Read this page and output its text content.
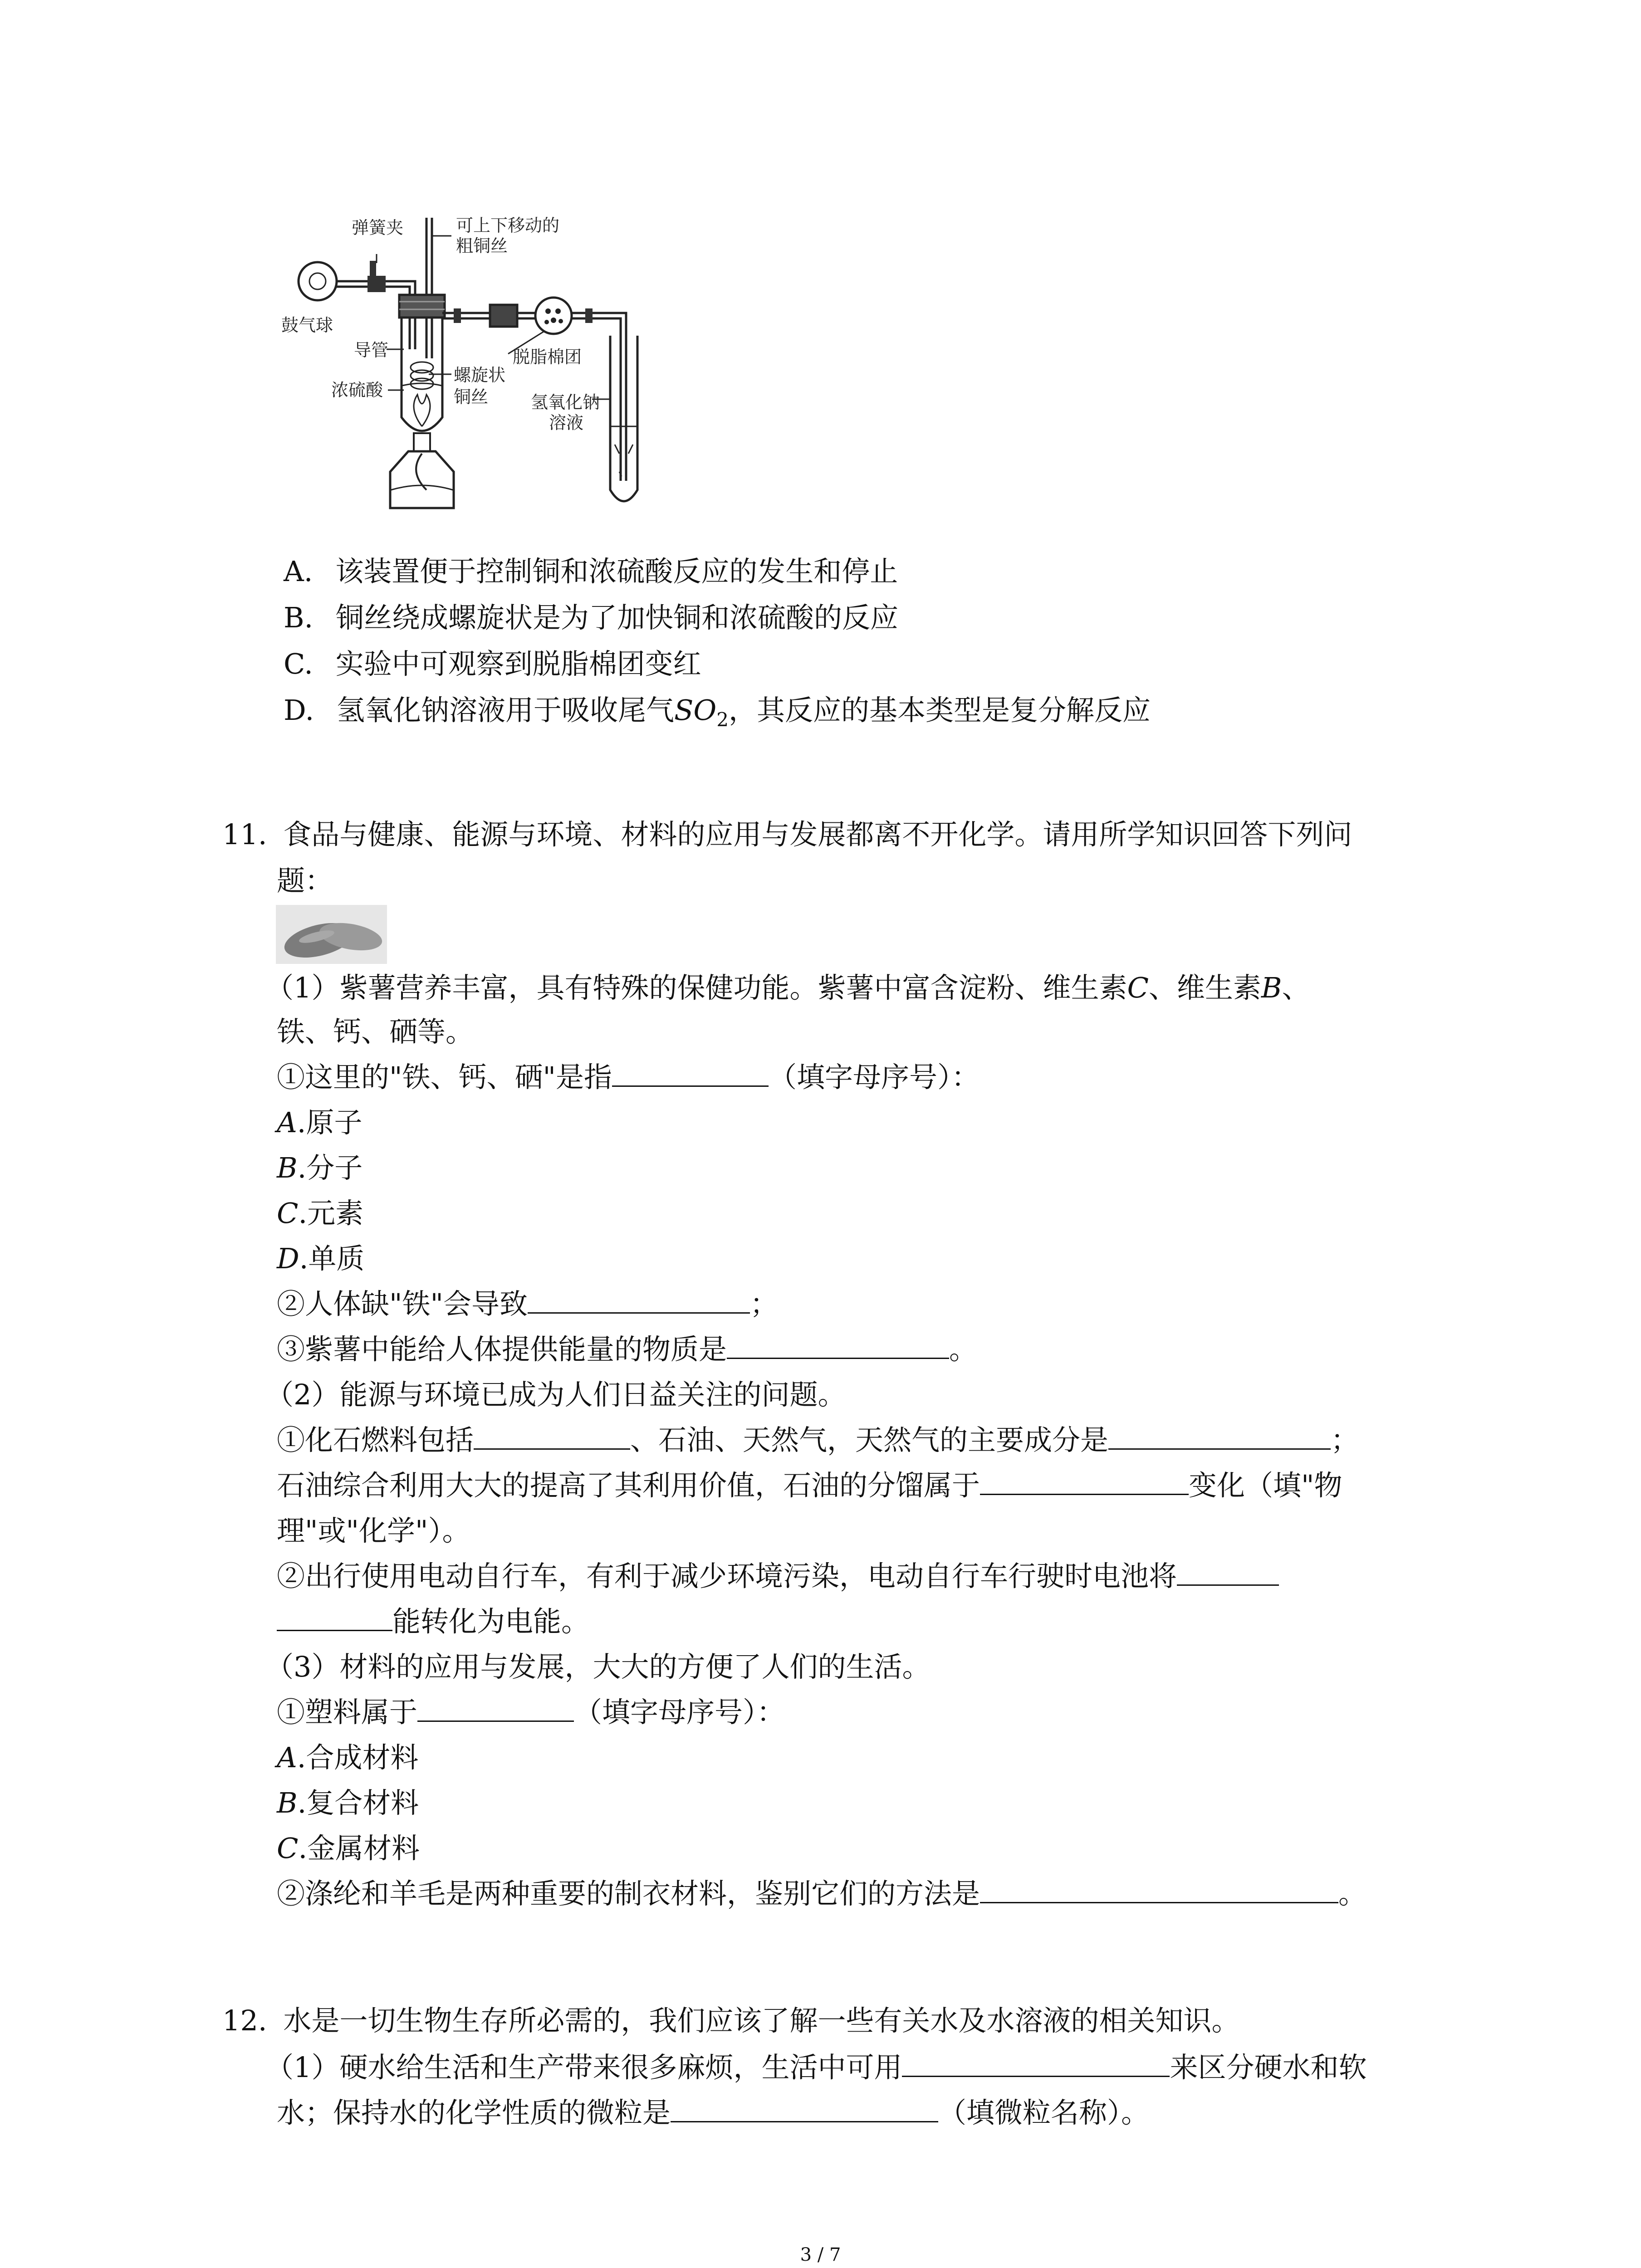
弹簧夹	可上下移动的
粗铜丝
鼓气球
导管
螺旋状
铜丝
浓硫酸
脱脂棉团
氢氧化钠
溶液
A. 该装置便于控制铜和浓硫酸反应的发生和停止
B. 铜丝绕成螺旋状是为了加快铜和浓硫酸的反应
C. 实验中可观察到脱脂棉团变红
D. 氢氧化钠溶液用于吸收尾气$SO_2$，其反应的基本类型是复分解反应
11. 食品与健康、能源与环境、材料的应用与发展都离不开化学。请用所学知识回答下列问
题：
（1）紫薯营养丰富，具有特殊的保健功能。紫薯中富含淀粉、维生素C、维生素B、
铁、钙、硒等。
①这里的"铁、钙、硒"是指	（填字母序号）：
A.原子
B.分子
C.元素
D.单质
②人体缺"铁"会导致	；
③紫薯中能给人体提供能量的物质是	。
（2）能源与环境已成为人们日益关注的问题。
①化石燃料包括	、石油、天然气，天然气的主要成分是	；
石油综合利用大大的提高了其利用价值，石油的分馏属于	变化（填"物
理"或"化学"）。
②出行使用电动自行车，有利于减少环境污染，电动自行车行驶时电池将
能转化为电能。
（3）材料的应用与发展，大大的方便了人们的生活。
①塑料属于	（填字母序号）：
A.合成材料
B.复合材料
C.金属材料
②涤纶和羊毛是两种重要的制衣材料，鉴别它们的方法是	。
12. 水是一切生物生存所必需的，我们应该了解一些有关水及水溶液的相关知识。
（1）硬水给生活和生产带来很多麻烦，生活中可用	来区分硬水和软
水；保持水的化学性质的微粒是	（填微粒名称）。
3 / 7
